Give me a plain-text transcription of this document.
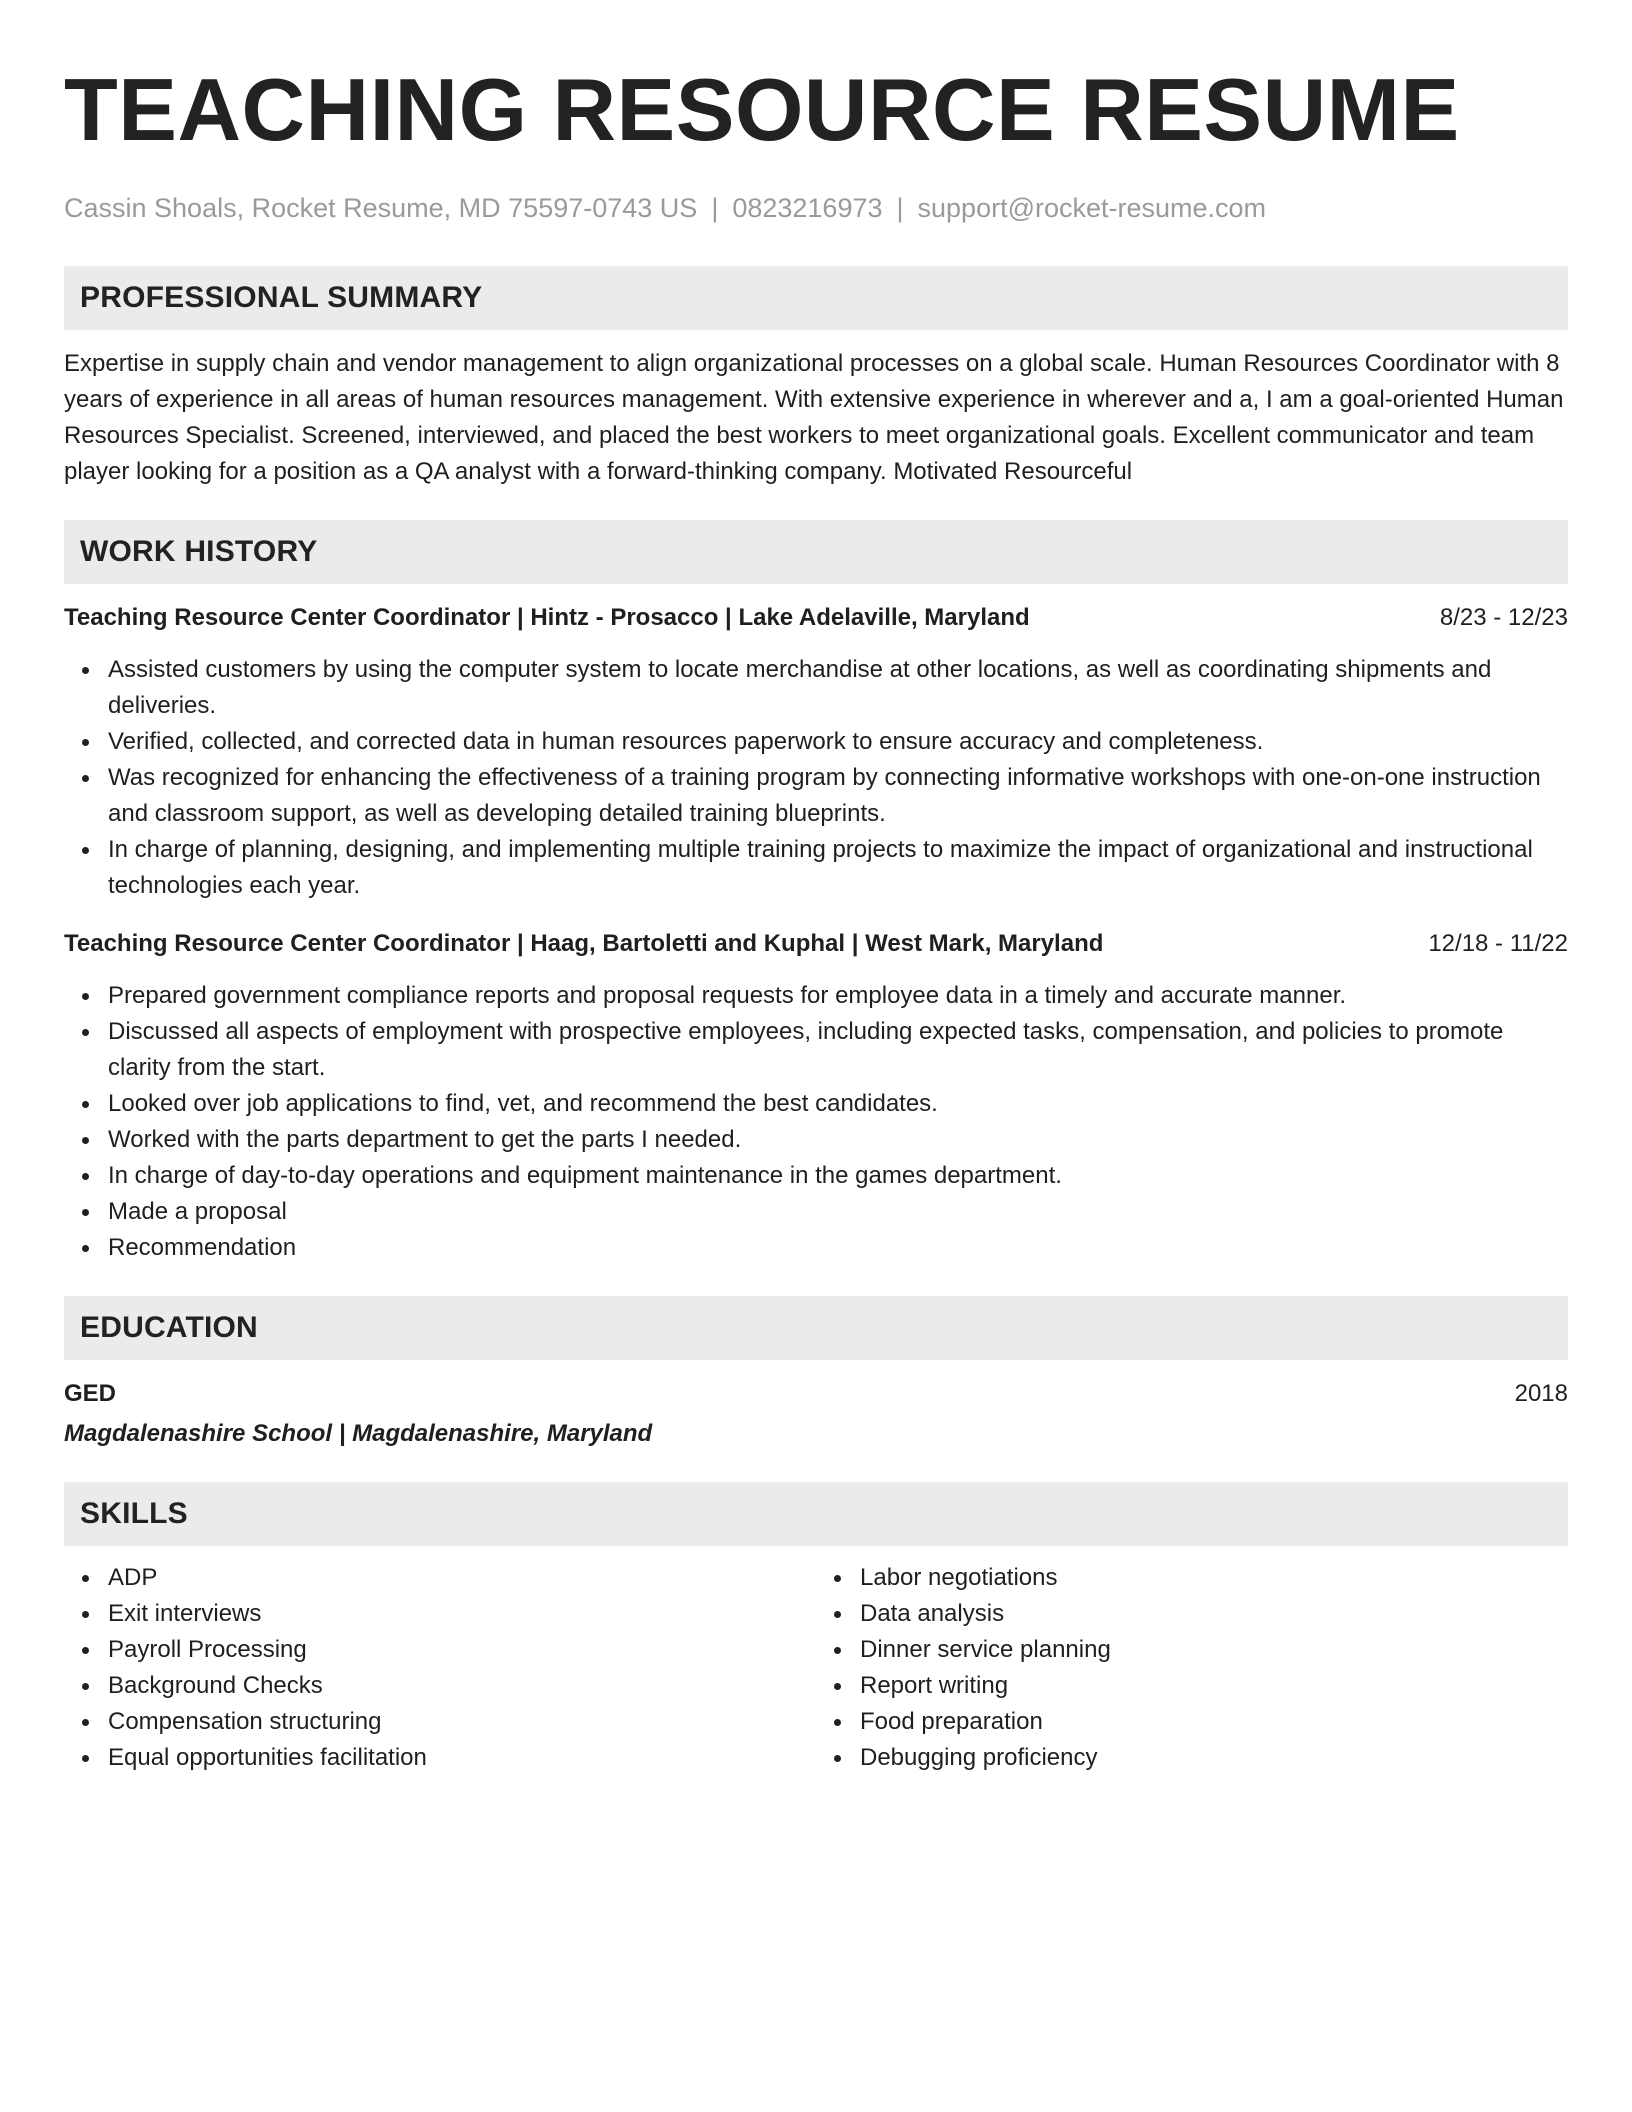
TEACHING RESOURCE RESUME
Cassin Shoals, Rocket Resume, MD 75597-0743 US | 0823216973 | support@rocket-resume.com
PROFESSIONAL SUMMARY

Expertise in supply chain and vendor management to align organizational processes on a global scale. Human Resources Coordinator with 8 years of experience in all areas of human resources management. With extensive experience in wherever and a, I am a goal-oriented Human Resources Specialist. Screened, interviewed, and placed the best workers to meet organizational goals. Excellent communicator and team player looking for a position as a QA analyst with a forward-thinking company. Motivated Resourceful

WORK HISTORY
Teaching Resource Center Coordinator | Hintz - Prosacco | Lake Adelaville, Maryland	8/23 - 12/23
Assisted customers by using the computer system to locate merchandise at other locations, as well as coordinating shipments and deliveries.
Verified, collected, and corrected data in human resources paperwork to ensure accuracy and completeness.
Was recognized for enhancing the effectiveness of a training program by connecting informative workshops with one-on-one instruction and classroom support, as well as developing detailed training blueprints.
In charge of planning, designing, and implementing multiple training projects to maximize the impact of organizational and instructional technologies each year.
Teaching Resource Center Coordinator | Haag, Bartoletti and Kuphal | West Mark, Maryland	12/18 - 11/22
Prepared government compliance reports and proposal requests for employee data in a timely and accurate manner.
Discussed all aspects of employment with prospective employees, including expected tasks, compensation, and policies to promote clarity from the start.
Looked over job applications to find, vet, and recommend the best candidates.
Worked with the parts department to get the parts I needed.
In charge of day-to-day operations and equipment maintenance in the games department.
Made a proposal
Recommendation
EDUCATION
GED	2018
Magdalenashire School | Magdalenashire, Maryland
SKILLS
ADP
Exit interviews
Payroll Processing
Background Checks
Compensation structuring
Equal opportunities facilitation
Labor negotiations
Data analysis
Dinner service planning
Report writing
Food preparation
Debugging proficiency
